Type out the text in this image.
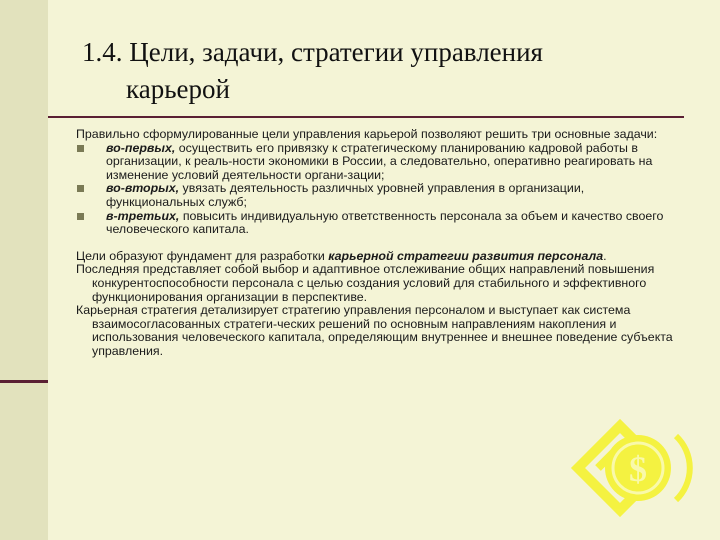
1.4. Цели, задачи, стратегии управления
карьерой

Правильно сформулированные цели управления карьерой позволяют решить три основные задачи:

во-первых, осуществить его привязку к стратегическому планированию кадровой работы в организации, к реаль-ности экономики в России, а следовательно, оперативно реагировать на изменение условий деятельности органи-зации;

во-вторых, увязать деятельность различных уровней управления в организации, функциональных служб;

в-третьих, повысить индивидуальную ответственность персонала за объем и качество своего человеческого капитала.

Цели образуют фундамент для разработки карьерной стратегии развития персонала.

Последняя представляет собой выбор и адаптивное отслеживание общих направлений повышения конкурентоспособности персонала с целью создания условий для стабильного и эффективного функционирования организации в перспективе.

Карьерная стратегия детализирует стратегию управления персоналом и выступает как система взаимосогласованных стратеги-ческих решений по основным направлениям накопления и использования человеческого капитала, определяющим внутреннее и внешнее поведение субъекта управления.

$
